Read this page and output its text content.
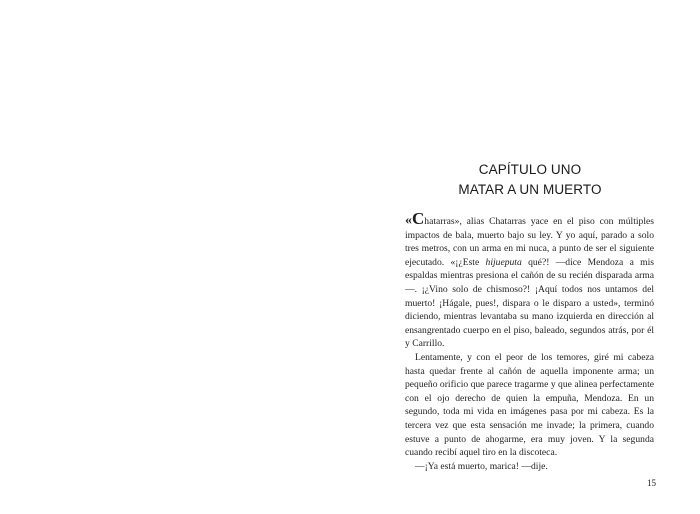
CAPÍTULO UNO
MATAR A UN MUERTO

«Chatarras», alias Chatarras yace en el piso con múltiples impactos de bala, muerto bajo su ley. Y yo aquí, parado a solo tres metros, con un arma en mi nuca, a punto de ser el siguiente ejecutado. «¡¿Este hijueputa qué?! —dice Mendoza a mis espaldas mientras presiona el cañón de su recién disparada arma—. ¡¿Vino solo de chismoso?! ¡Aquí todos nos untamos del muerto! ¡Hágale, pues!, dispara o le disparo a usted», terminó diciendo, mientras levantaba su mano izquierda en dirección al ensangrentado cuerpo en el piso, baleado, segundos atrás, por él y Carrillo.

Lentamente, y con el peor de los temores, giré mi cabeza hasta quedar frente al cañón de aquella imponente arma; un pequeño orificio que parece tragarme y que alinea perfectamente con el ojo derecho de quien la empuña, Mendoza. En un segundo, toda mi vida en imágenes pasa por mi cabeza. Es la tercera vez que esta sensación me invade; la primera, cuando estuve a punto de ahogarme, era muy joven. Y la segunda cuando recibí aquel tiro en la discoteca.

—¡Ya está muerto, marica! —dije.

15
